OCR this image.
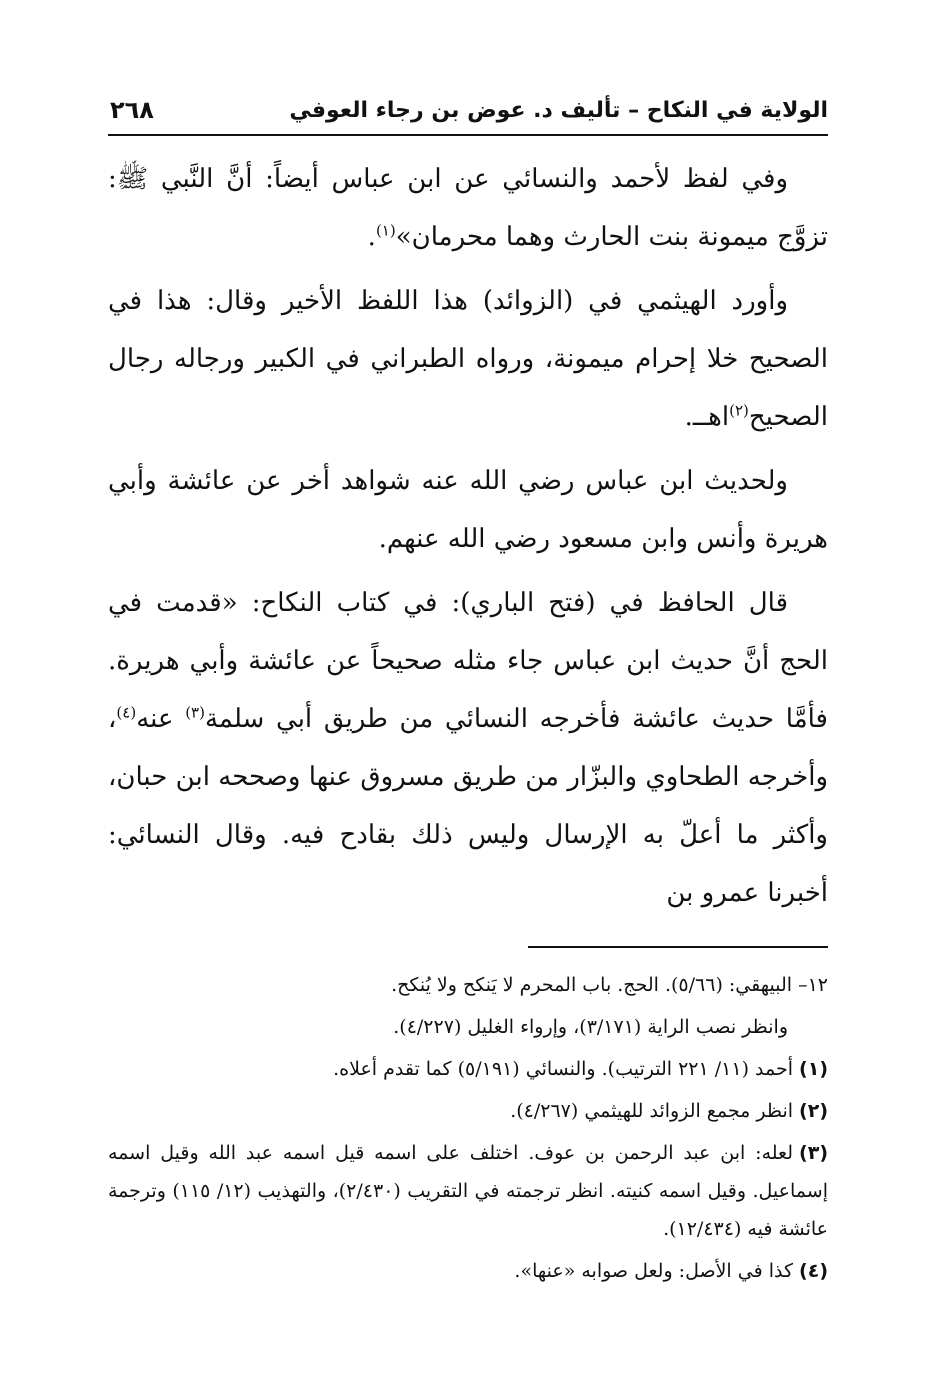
الولاية في النكاح – تأليف د. عوض بن رجاء العوفي
٢٦٨

وفي لفظ لأحمد والنسائي عن ابن عباس أيضاً: أنَّ النَّبي ﷺ: تزوَّج ميمونة بنت الحارث وهما محرمان»$^{(١)}$.

وأورد الهيثمي في (الزوائد) هذا اللفظ الأخير وقال: هذا في الصحيح خلا إحرام ميمونة، ورواه الطبراني في الكبير ورجاله رجال الصحيح$^{(٢)}$اهــ.

ولحديث ابن عباس رضي الله عنه شواهد أخر عن عائشة وأبي هريرة وأنس وابن مسعود رضي الله عنهم.

قال الحافظ في (فتح الباري): في كتاب النكاح: «قدمت في الحج أنَّ حديث ابن عباس جاء مثله صحيحاً عن عائشة وأبي هريرة. فأمَّا حديث عائشة فأخرجه النسائي من طريق أبي سلمة$^{(٣)}$ عنه$^{(٤)}$، وأخرجه الطحاوي والبزّار من طريق مسروق عنها وصححه ابن حبان، وأكثر ما أعلّ به الإرسال وليس ذلك بقادح فيه. وقال النسائي: أخبرنا عمرو بن

١٢– البيهقي: (٥/٦٦). الحج. باب المحرم لا يَنكح ولا يُنكح.

وانظر نصب الراية (٣/١٧١)، وإرواء الغليل (٤/٢٢٧).

(١)أحمد (١١/ ٢٢١ الترتيب). والنسائي (٥/١٩١) كما تقدم أعلاه.

(٢)انظر مجمع الزوائد للهيثمي (٤/٢٦٧).

(٣)لعله: ابن عبد الرحمن بن عوف. اختلف على اسمه قيل اسمه عبد الله وقيل اسمه إسماعيل. وقيل اسمه كنيته. انظر ترجمته في التقريب (٢/٤٣٠)، والتهذيب (١٢/ ١١٥) وترجمة عائشة فيه (١٢/٤٣٤).

(٤)كذا في الأصل: ولعل صوابه «عنها».
